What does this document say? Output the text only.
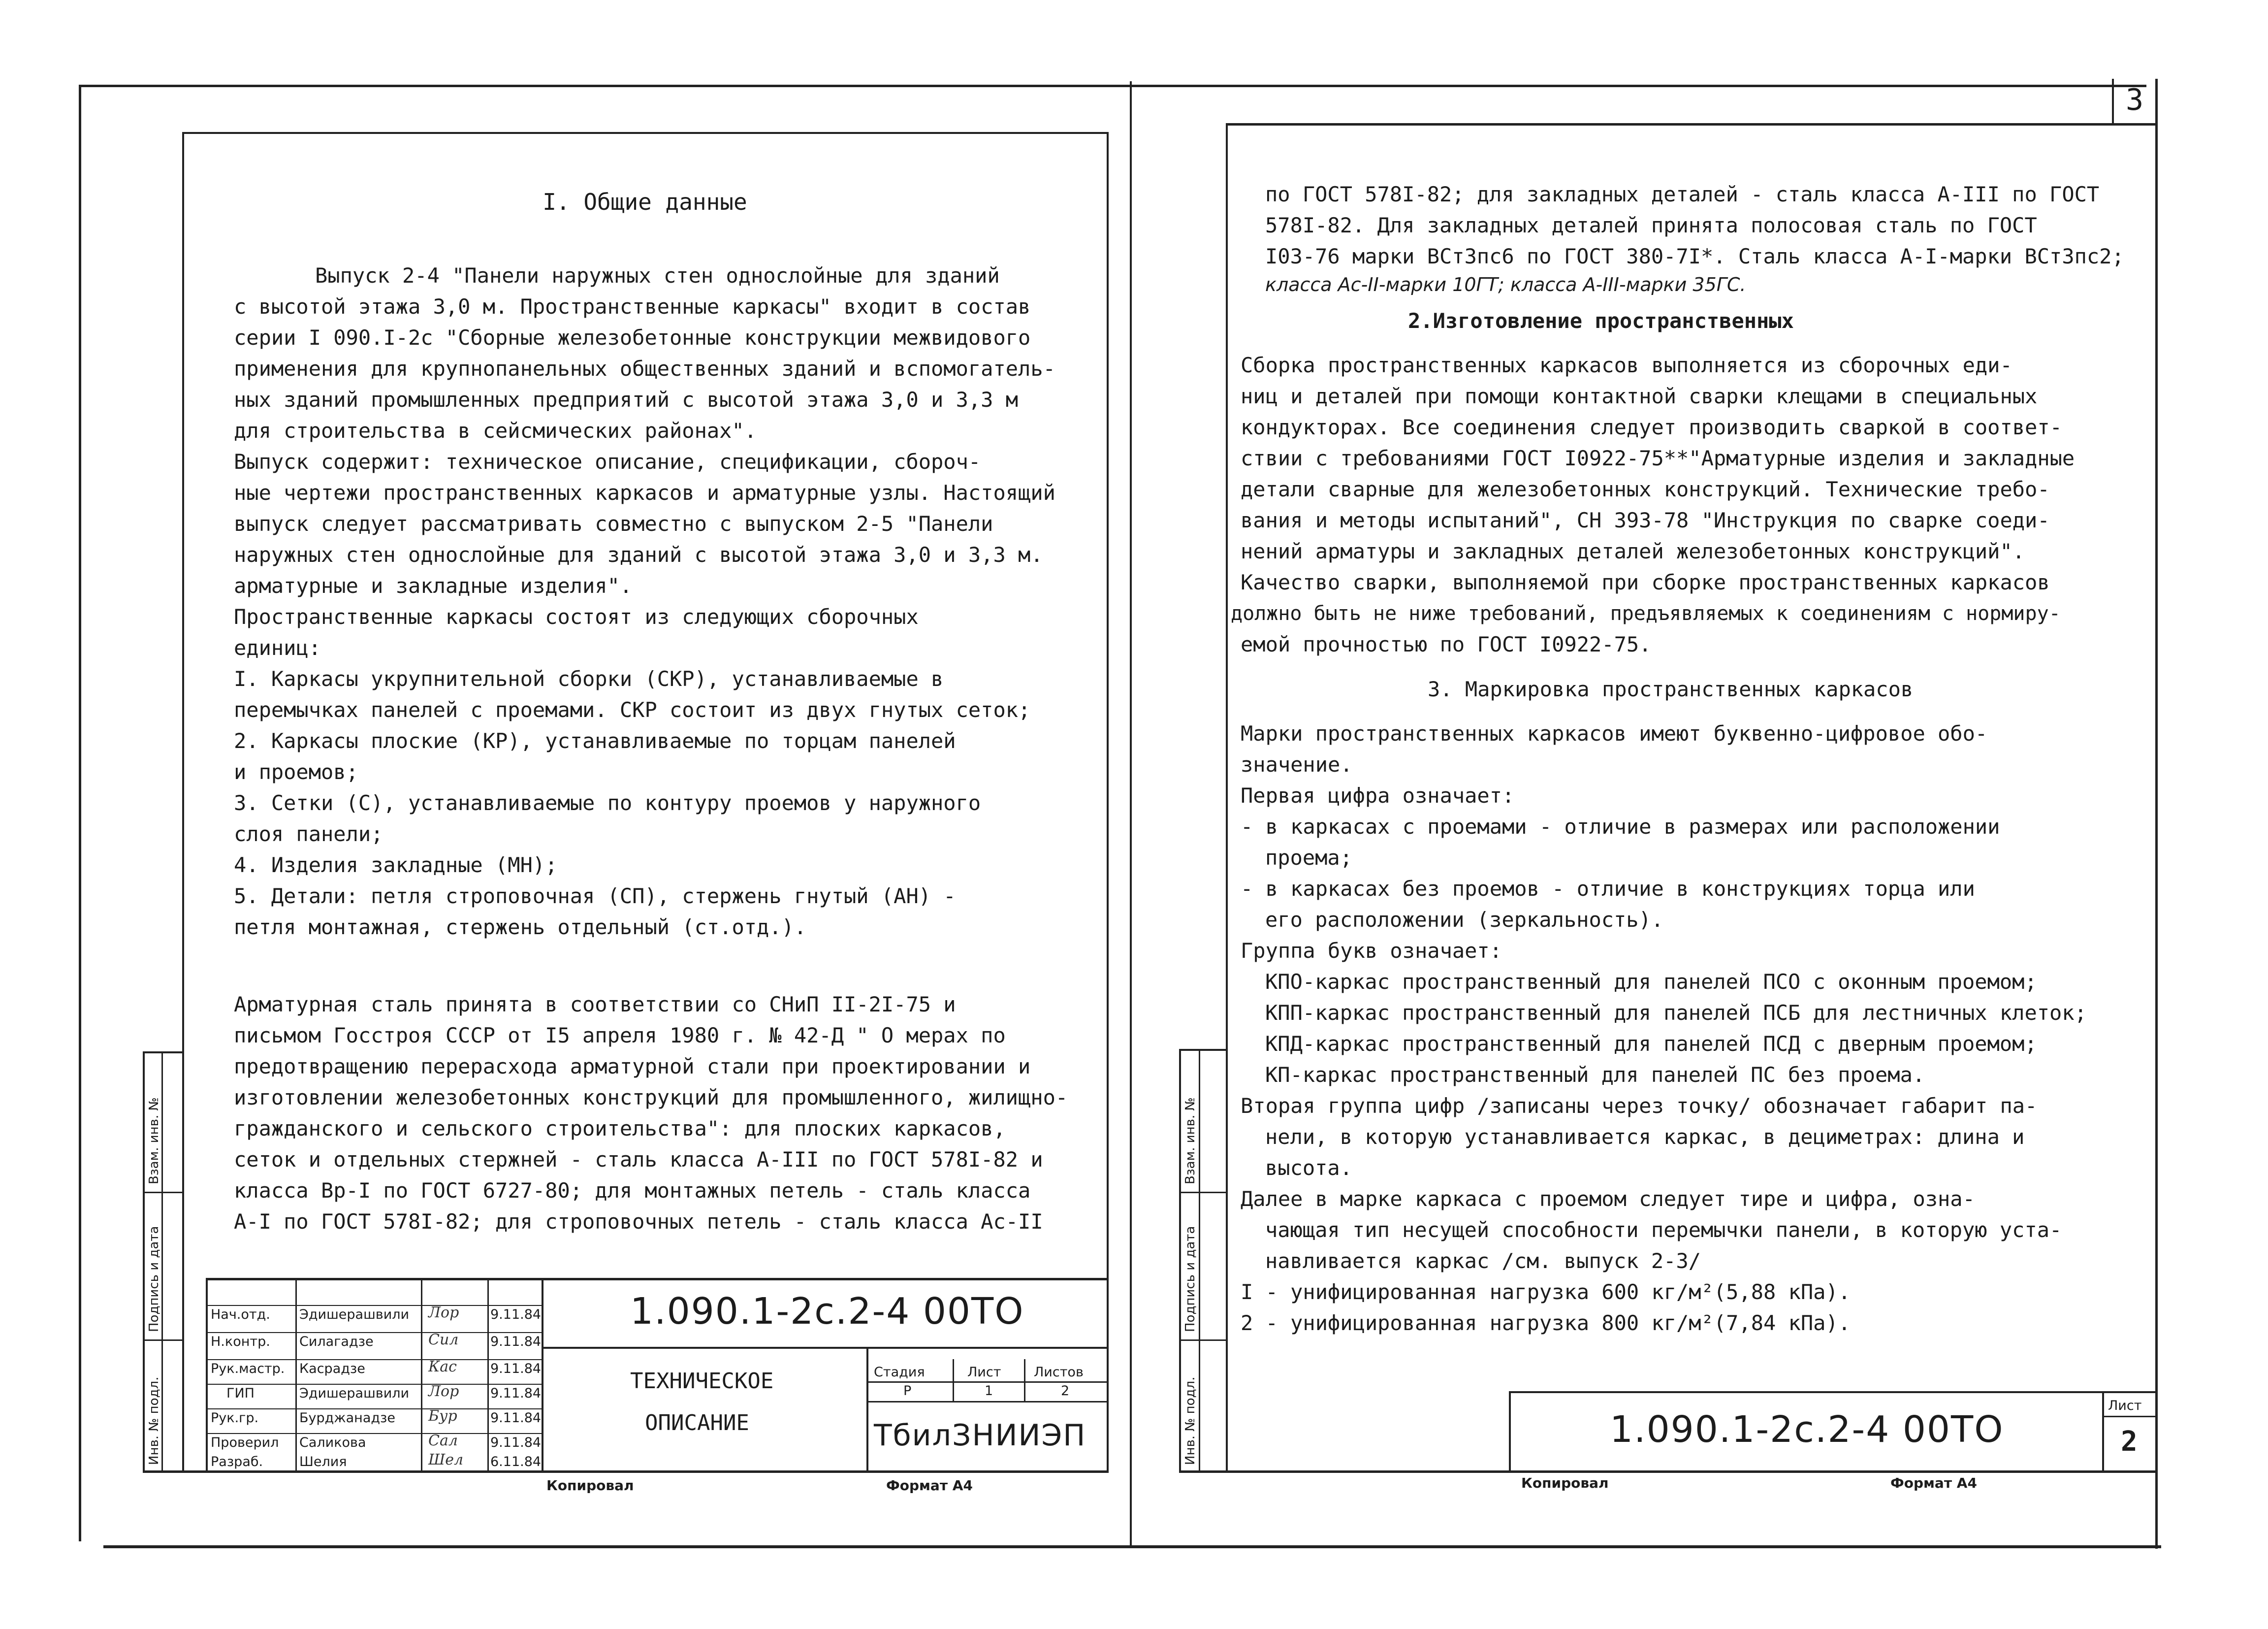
I. Общие данные
Выпуск 2-4 "Панели наружных стен однослойные для зданий
с высотой этажа 3,0 м. Пространственные каркасы" входит в состав
серии I 090.I-2с "Сборные железобетонные конструкции межвидового
применения для крупнопанельных общественных зданий и вспомогатель-
ных зданий промышленных предприятий с высотой этажа 3,0 и 3,3 м
для строительства в сейсмических районах".
Выпуск содержит: техническое описание, спецификации, сбороч-
ные чертежи пространственных каркасов и арматурные узлы. Настоящий
выпуск следует рассматривать совместно с выпуском 2-5 "Панели
наружных стен однослойные для зданий с высотой этажа 3,0 и 3,3 м.
арматурные и закладные изделия".
Пространственные каркасы состоят из следующих сборочных
единиц:
I. Каркасы укрупнительной сборки (СКР), устанавливаемые в
перемычках панелей с проемами. СКР состоит из двух гнутых сеток;
2. Каркасы плоские (КР), устанавливаемые по торцам панелей
и проемов;
3. Сетки (С), устанавливаемые по контуру проемов у наружного
слоя панели;
4. Изделия закладные (МН);
5. Детали: петля строповочная (СП), стержень гнутый (АН) -
петля монтажная, стержень отдельный (ст.отд.).
Арматурная сталь принята в соответствии со СНиП II-2I-75 и
письмом Госстроя СССР от I5 апреля 1980 г. № 42-Д " О мерах по
предотвращению перерасхода арматурной стали при проектировании и
изготовлении железобетонных конструкций для промышленного, жилищно-
гражданского и сельского строительства": для плоских каркасов,
сеток и отдельных стержней - сталь класса А-III по ГОСТ 578I-82 и
класса Вр-I по ГОСТ 6727-80; для монтажных петель - сталь класса
А-I по ГОСТ 578I-82; для строповочных петель - сталь класса Ас-II
Инв. № подл.
Подпись и дата
Взам. инв. №
Нач.отд. Эдишерашвили	Лор 9.11.84
Н.контр. Силагадзе	Сил 9.11.84
Рук.мастр. Касрадзе	Кас	9.11.84
ГИП	Эдишерашвили	Лор 9.11.84
Рук.гр.	Бурджанадзе	Бур 9.11.84
Проверил Саликова	Сал 9.11.84
Разраб.	Шелия	Шел 6.11.84
1.090.1-2с.2-4 00ТО
ТЕХНИЧЕСКОЕ
ОПИСАНИЕ
Стадия	Лист Листов
Р	1	2
ТбилЗНИИЭП
Копировал	Формат А4
3
по ГОСТ 578I-82; для закладных деталей - сталь класса А-III по ГОСТ
578I-82. Для закладных деталей принята полосовая сталь по ГОСТ
I03-76 марки ВСт3пс6 по ГОСТ 380-7I*. Сталь класса А-I-марки ВСт3пс2;
класса Ас-II-марки 10ГТ; класса А-III-марки 35ГС.
2.Изготовление пространственных
Сборка пространственных каркасов выполняется из сборочных еди-
ниц и деталей при помощи контактной сварки клещами в специальных
кондукторах. Все соединения следует производить сваркой в соответ-
ствии с требованиями ГОСТ I0922-75**"Арматурные изделия и закладные
детали сварные для железобетонных конструкций. Технические требо-
вания и методы испытаний", СН 393-78 "Инструкция по сварке соеди-
нений арматуры и закладных деталей железобетонных конструкций".
Качество сварки, выполняемой при сборке пространственных каркасов
должно быть не ниже требований, предъявляемых к соединениям с нормиру-
емой прочностью по ГОСТ I0922-75.
3. Маркировка пространственных каркасов
Марки пространственных каркасов имеют буквенно-цифровое обо-
значение.
Первая цифра означает:
- в каркасах с проемами - отличие в размерах или расположении
проема;
- в каркасах без проемов - отличие в конструкциях торца или
его расположении (зеркальность).
Группа букв означает:
КПО-каркас пространственный для панелей ПСО с оконным проемом;
КПП-каркас пространственный для панелей ПСБ для лестничных клеток;
КПД-каркас пространственный для панелей ПСД с дверным проемом;
КП-каркас пространственный для панелей ПС без проема.
Вторая группа цифр /записаны через точку/ обозначает габарит па-
нели, в которую устанавливается каркас, в дециметрах: длина и
высота.
Далее в марке каркаса с проемом следует тире и цифра, озна-
чающая тип несущей способности перемычки панели, в которую уста-
навливается каркас /см. выпуск 2-3/
I - унифицированная нагрузка 600 кг/м²(5,88 кПа).
2 - унифицированная нагрузка 800 кг/м²(7,84 кПа).
Инв. № подл.
Подпись и дата
Взам. инв. №
1.090.1-2с.2-4 00ТО
Лист
2
Копировал	Формат А4
